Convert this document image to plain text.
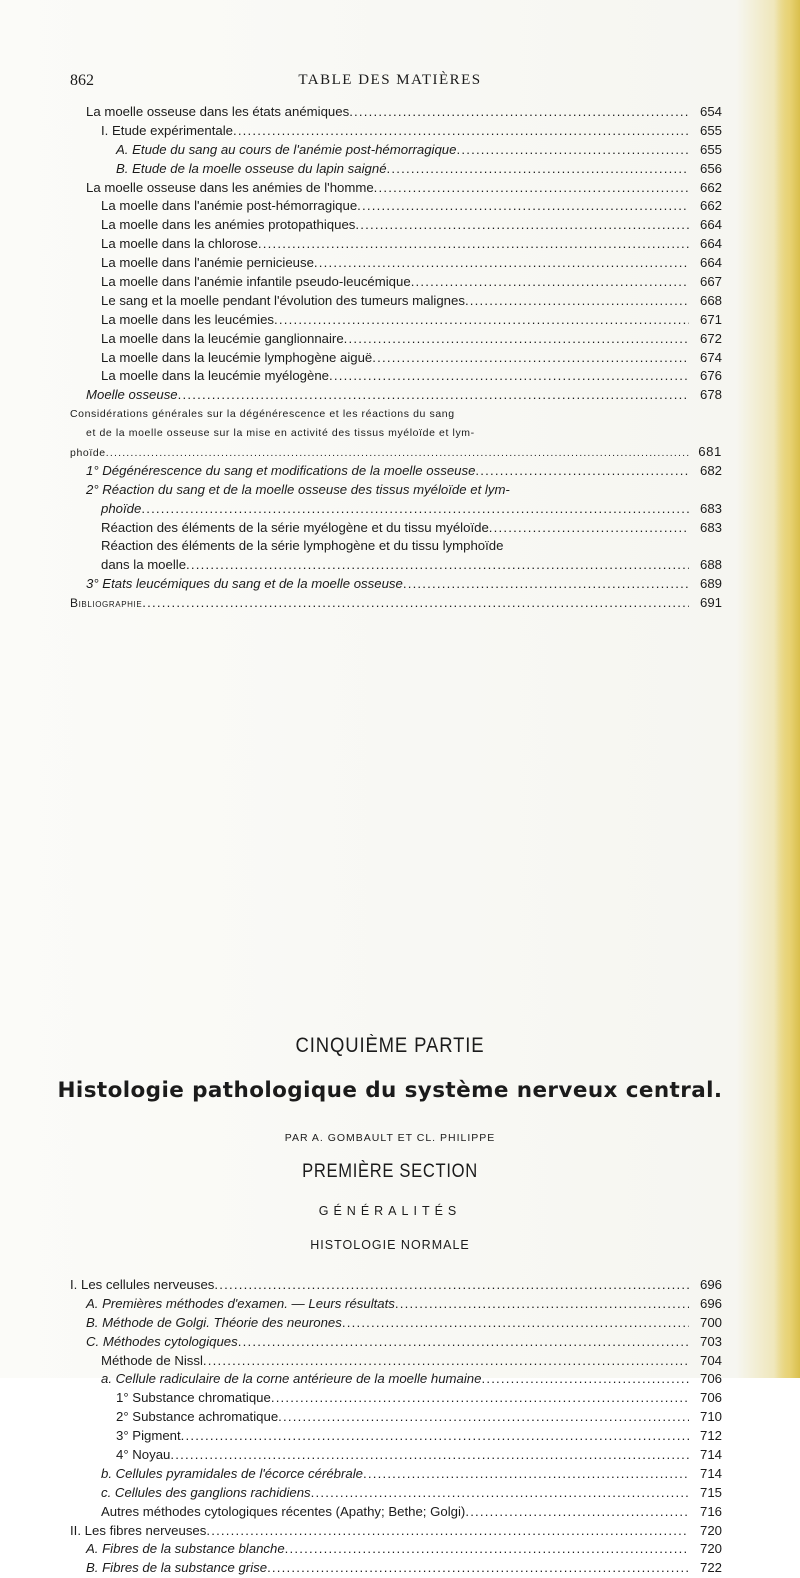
862	TABLE DES MATIÈRES
La moelle osseuse dans les états anémiques .....	654
I. Etude expérimentale .....	655
A. Etude du sang au cours de l'anémie post-hémorragique .....	655
B. Etude de la moelle osseuse du lapin saigné .....	656
La moelle osseuse dans les anémies de l'homme .....	662
La moelle dans l'anémie post-hémorragique .....	662
La moelle dans les anémies protopathiques .....	664
La moelle dans la chlorose .....	664
La moelle dans l'anémie pernicieuse .....	664
La moelle dans l'anémie infantile pseudo-leucémique .....	667
Le sang et la moelle pendant l'évolution des tumeurs malignes .....	668
La moelle dans les leucémies .....	671
La moelle dans la leucémie ganglionnaire .....	672
La moelle dans la leucémie lymphogène aiguë .....	674
La moelle dans la leucémie myélogène .....	676
Moelle osseuse .....	678
Considérations générales sur la dégénérescence et les réactions du sang
et de la moelle osseuse sur la mise en activité des tissus myéloïde et lym-
phoïde .....	681
1° Dégénérescence du sang et modifications de la moelle osseuse .....	682
2° Réaction du sang et de la moelle osseuse des tissus myéloïde et lym-
phoïde .....	683
Réaction des éléments de la série myélogène et du tissu myéloïde .....	683
Réaction des éléments de la série lymphogène et du tissu lymphoïde
dans la moelle .....	688
3° Etats leucémiques du sang et de la moelle osseuse .....	689
Bibliographie .....	691
CINQUIÈME PARTIE
Histologie pathologique du système nerveux central.
PAR A. GOMBAULT ET CL. PHILIPPE
PREMIÈRE SECTION
GÉNÉRALITÉS
HISTOLOGIE NORMALE
I. Les cellules nerveuses .....	696
A. Premières méthodes d'examen. — Leurs résultats .....	696
B. Méthode de Golgi. Théorie des neurones .....	700
C. Méthodes cytologiques .....	703
Méthode de Nissl .....	704
a. Cellule radiculaire de la corne antérieure de la moelle humaine .....	706
1° Substance chromatique .....	706
2° Substance achromatique .....	710
3° Pigment .....	712
4° Noyau .....	714
b. Cellules pyramidales de l'écorce cérébrale .....	714
c. Cellules des ganglions rachidiens .....	715
Autres méthodes cytologiques récentes (Apathy; Bethe; Golgi) .....	716
II. Les fibres nerveuses .....	720
A. Fibres de la substance blanche .....	720
B. Fibres de la substance grise .....	722
